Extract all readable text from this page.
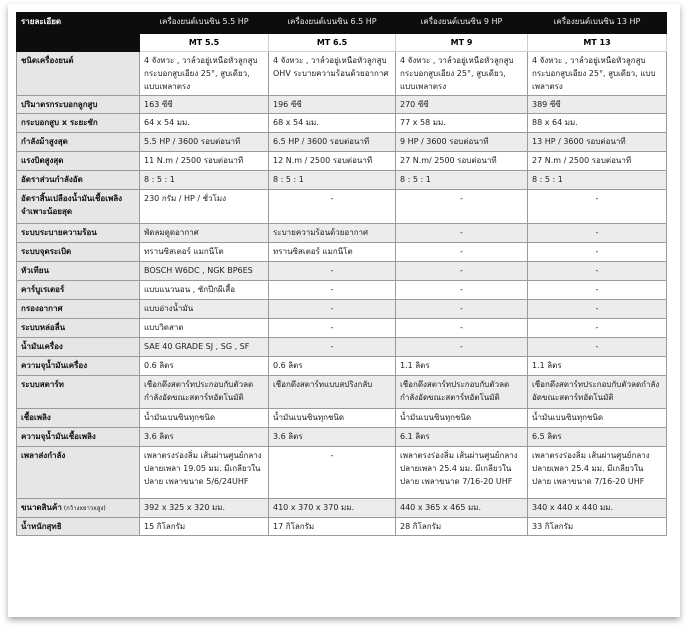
รายละเอียด	เครื่องยนต์เบนซิน 5.5 HP	เครื่องยนต์เบนซิน 6.5 HP	เครื่องยนต์เบนซิน 9 HP	เครื่องยนต์เบนซิน 13 HP
	MT 5.5	MT 6.5	MT 9	MT 13
ชนิดเครื่องยนต์	4 จังหวะ , วาล์วอยู่เหนือหัวลูกสูบ กระบอกสูบเอียง 25°, สูบเดียว, แบบเพลาตรง	4 จังหวะ , วาล์วอยู่เหนือหัวลูกสูบ OHV ระบายความร้อนด้วยอากาศ	4 จังหวะ , วาล์วอยู่เหนือหัวลูกสูบ กระบอกสูบเอียง 25°, สูบเดียว, แบบเพลาตรง	4 จังหวะ , วาล์วอยู่เหนือหัวลูกสูบ กระบอกสูบเอียง 25°, สูบเดียว, แบบเพลาตรง
ปริมาตรกระบอกลูกสูบ	163 ซีซี	196 ซีซี	270 ซีซี	389 ซีซี
กระบอกสูบ x ระยะชัก	64 x 54 มม.	68 x 54 มม.	77 x 58 มม.	88 x 64 มม.
กำลังม้าสูงสุด	5.5 HP / 3600 รอบต่อนาที	6.5 HP / 3600 รอบต่อนาที	9 HP / 3600 รอบต่อนาที	13 HP / 3600 รอบต่อนาที
แรงบิดสูงสุด	11 N.m / 2500 รอบต่อนาที	12 N.m / 2500 รอบต่อนาที	27 N.m/ 2500 รอบต่อนาที	27 N.m / 2500 รอบต่อนาที
อัตราส่วนกำลังอัด	8 : 5 : 1	8 : 5 : 1	8 : 5 : 1	8 : 5 : 1
อัตราสิ้นเปลืองน้ำมันเชื้อเพลิง จำเพาะน้อยสุด	230 กรัม / HP / ชั่วโมง	-	-	-
ระบบระบายความร้อน	พัดลมดูดอากาศ	ระบายความร้อนด้วยอากาศ	-	-
ระบบจุดระเบิด	ทรานซิสเตอร์ แมกนีโต	ทรานซิสเตอร์ แมกนีโต	-	-
หัวเทียน	BOSCH W6DC , NGK BP6ES	-	-	-
คาร์บูเรเตอร์	แบบแนวนอน , ชักปีกผีเสื้อ	-	-	-
กรองอากาศ	แบบอ่างน้ำมัน	-	-	-
ระบบหล่อลื่น	แบบวิดสาด	-	-	-
น้ำมันเครื่อง	SAE 40 GRADE SJ , SG , SF	-	-	-
ความจุน้ำมันเครื่อง	0.6 ลิตร	0.6 ลิตร	1.1 ลิตร	1.1 ลิตร
ระบบสตาร์ท	เชือกดึงสตาร์ทประกอบกับตัวลด กำลังอัดขณะสตาร์ทอัตโนมัติ	เชือกดึงสตาร์ทแบบสปริงกลับ	เชือกดึงสตาร์ทประกอบกับตัวลด กำลังอัดขณะสตาร์ทอัตโนมัติ	เชือกดึงสตาร์ทประกอบกับตัวลดกำลัง อัดขณะสตาร์ทอัตโนมัติ
เชื้อเพลิง	น้ำมันเบนซินทุกชนิด	น้ำมันเบนซินทุกชนิด	น้ำมันเบนซินทุกชนิด	น้ำมันเบนซินทุกชนิด
ความจุน้ำมันเชื้อเพลิง	3.6 ลิตร	3.6 ลิตร	6.1 ลิตร	6.5 ลิตร
เพลาส่งกำลัง	เพลาตรงร่องลิ่ม เส้นผ่านศูนย์กลาง ปลายเพลา 19.05 มม. มีเกลียวใน ปลาย เพลาขนาด 5/6/24UHF	-	เพลาตรงร่องลิ่ม เส้นผ่านศูนย์กลาง ปลายเพลา 25.4 มม. มีเกลียวใน ปลาย เพลาขนาด 7/16-20 UHF	เพลาตรงร่องลิ่ม เส้นผ่านศูนย์กลาง ปลายเพลา 25.4 มม. มีเกลียวในปลาย เพลาขนาด 7/16-20 UHF
ขนาดสินค้า (กว้างxยาวxสูง)	392 x 325 x 320 มม.	410 x 370 x 370 มม.	440 x 365 x 465 มม.	340 x 440 x 440 มม.
น้ำหนักสุทธิ	15 กิโลกรัม	17 กิโลกรัม	28 กิโลกรัม	33 กิโลกรัม
